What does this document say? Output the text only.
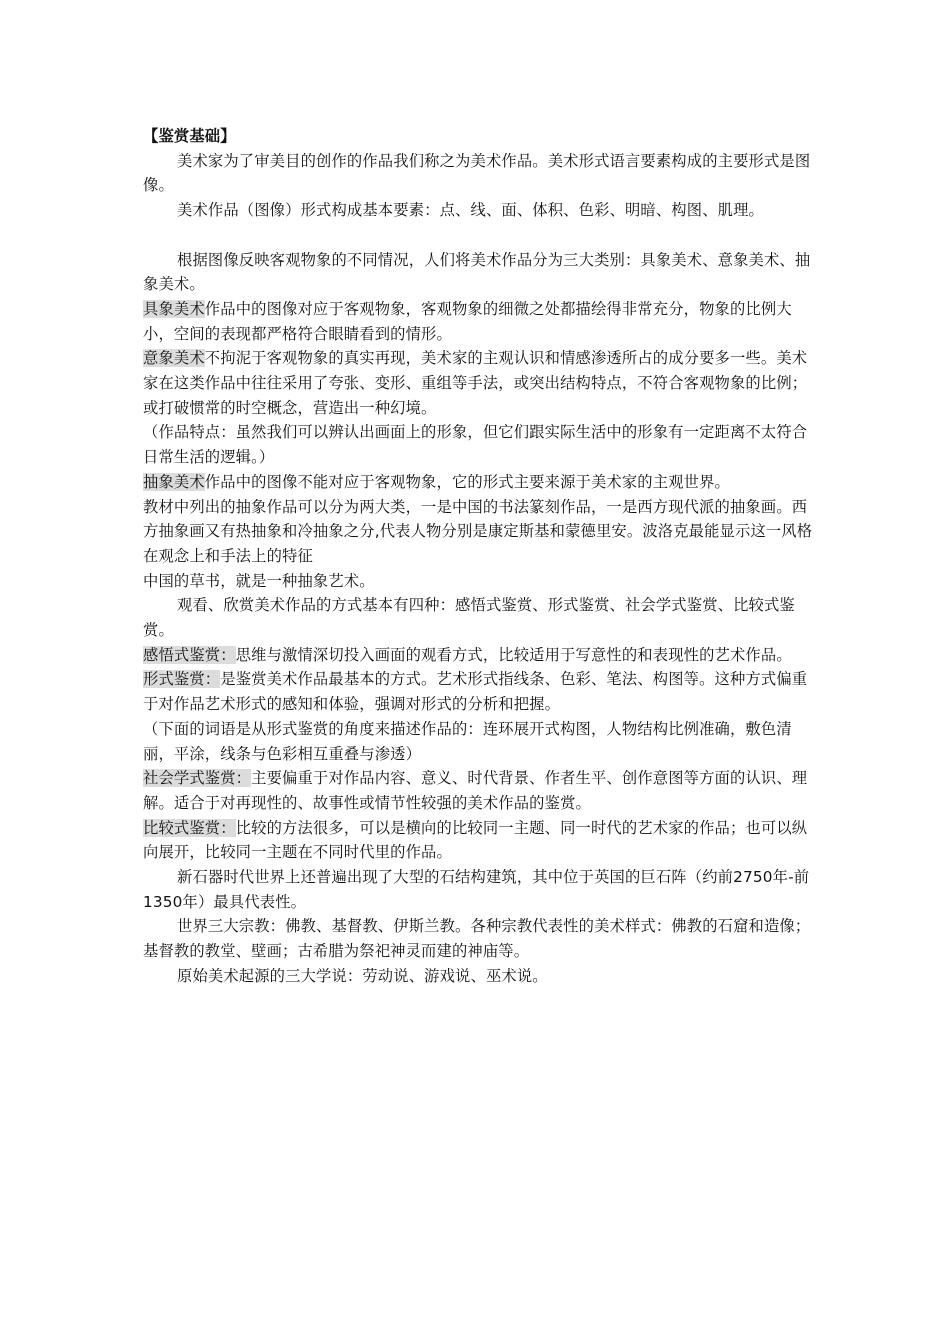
【鉴赏基础】

美术家为了审美目的创作的作品我们称之为美术作品。美术形式语言要素构成的主要形式是图像。

美术作品（图像）形式构成基本要素：点、线、面、体积、色彩、明暗、构图、肌理。

根据图像反映客观物象的不同情况，人们将美术作品分为三大类别：具象美术、意象美术、抽象美术。

具象美术作品中的图像对应于客观物象，客观物象的细微之处都描绘得非常充分，物象的比例大小，空间的表现都严格符合眼睛看到的情形。

意象美术不拘泥于客观物象的真实再现，美术家的主观认识和情感渗透所占的成分要多一些。美术家在这类作品中往往采用了夸张、变形、重组等手法，或突出结构特点，不符合客观物象的比例；或打破惯常的时空概念，营造出一种幻境。

（作品特点：虽然我们可以辨认出画面上的形象，但它们跟实际生活中的形象有一定距离不太符合日常生活的逻辑。）

抽象美术作品中的图像不能对应于客观物象，它的形式主要来源于美术家的主观世界。

教材中列出的抽象作品可以分为两大类，一是中国的书法篆刻作品，一是西方现代派的抽象画。西方抽象画又有热抽象和冷抽象之分,代表人物分别是康定斯基和蒙德里安。波洛克最能显示这一风格在观念上和手法上的特征

中国的草书，就是一种抽象艺术。

观看、欣赏美术作品的方式基本有四种：感悟式鉴赏、形式鉴赏、社会学式鉴赏、比较式鉴赏。

感悟式鉴赏：思维与激情深切投入画面的观看方式，比较适用于写意性的和表现性的艺术作品。

形式鉴赏：是鉴赏美术作品最基本的方式。艺术形式指线条、色彩、笔法、构图等。这种方式偏重于对作品艺术形式的感知和体验，强调对形式的分析和把握。

（下面的词语是从形式鉴赏的角度来描述作品的：连环展开式构图，人物结构比例准确，敷色清丽，平涂，线条与色彩相互重叠与渗透）

社会学式鉴赏：主要偏重于对作品内容、意义、时代背景、作者生平、创作意图等方面的认识、理解。适合于对再现性的、故事性或情节性较强的美术作品的鉴赏。

比较式鉴赏：比较的方法很多，可以是横向的比较同一主题、同一时代的艺术家的作品；也可以纵向展开，比较同一主题在不同时代里的作品。

新石器时代世界上还普遍出现了大型的石结构建筑，其中位于英国的巨石阵（约前2750年-前1350年）最具代表性。

世界三大宗教：佛教、基督教、伊斯兰教。各种宗教代表性的美术样式：佛教的石窟和造像；基督教的教堂、壁画；古希腊为祭祀神灵而建的神庙等。

原始美术起源的三大学说：劳动说、游戏说、巫术说。
